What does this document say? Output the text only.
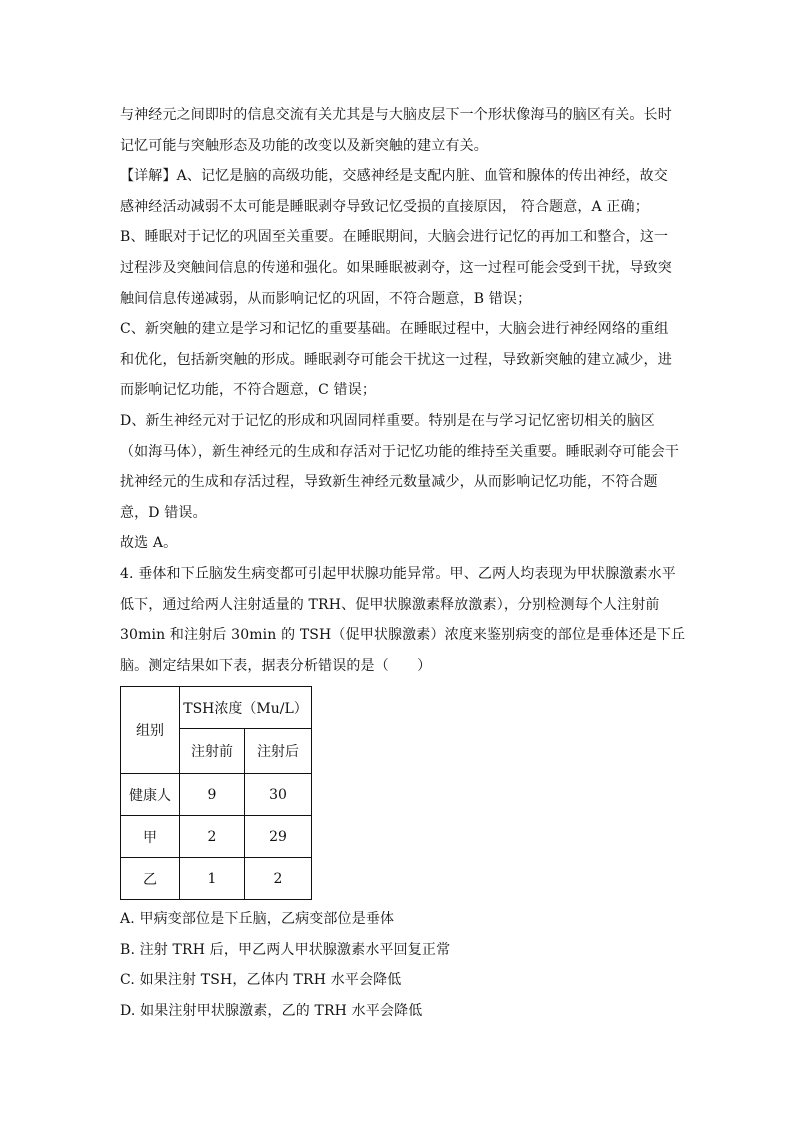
与神经元之间即时的信息交流有关尤其是与大脑皮层下一个形状像海马的脑区有关。长时
记忆可能与突触形态及功能的改变以及新突触的建立有关。
【详解】A、记忆是脑的高级功能，交感神经是支配内脏、血管和腺体的传出神经，故交
感神经活动减弱不太可能是睡眠剥夺导致记忆受损的直接原因， 符合题意，A 正确；
B、睡眠对于记忆的巩固至关重要。在睡眠期间，大脑会进行记忆的再加工和整合，这一
过程涉及突触间信息的传递和强化。如果睡眠被剥夺，这一过程可能会受到干扰，导致突
触间信息传递减弱，从而影响记忆的巩固，不符合题意，B 错误；
C、新突触的建立是学习和记忆的重要基础。在睡眠过程中，大脑会进行神经网络的重组
和优化，包括新突触的形成。睡眠剥夺可能会干扰这一过程，导致新突触的建立减少，进
而影响记忆功能，不符合题意，C 错误；
D、新生神经元对于记忆的形成和巩固同样重要。特别是在与学习记忆密切相关的脑区
（如海马体），新生神经元的生成和存活对于记忆功能的维持至关重要。睡眠剥夺可能会干
扰神经元的生成和存活过程，导致新生神经元数量减少，从而影响记忆功能，不符合题
意，D 错误。
故选 A。
4. 垂体和下丘脑发生病变都可引起甲状腺功能异常。甲、乙两人均表现为甲状腺激素水平
低下，通过给两人注射适量的 TRH、促甲状腺激素释放激素），分别检测每个人注射前
30min 和注射后 30min 的 TSH（促甲状腺激素）浓度来鉴别病变的部位是垂体还是下丘
脑。测定结果如下表，据表分析错误的是（　　）
组别	TSH浓度（Mu/L）	
	注射前	注射后
健康人	9	30
甲	2	29
乙	1	2
A. 甲病变部位是下丘脑，乙病变部位是垂体
B. 注射 TRH 后，甲乙两人甲状腺激素水平回复正常
C. 如果注射 TSH，乙体内 TRH 水平会降低
D. 如果注射甲状腺激素，乙的 TRH 水平会降低
